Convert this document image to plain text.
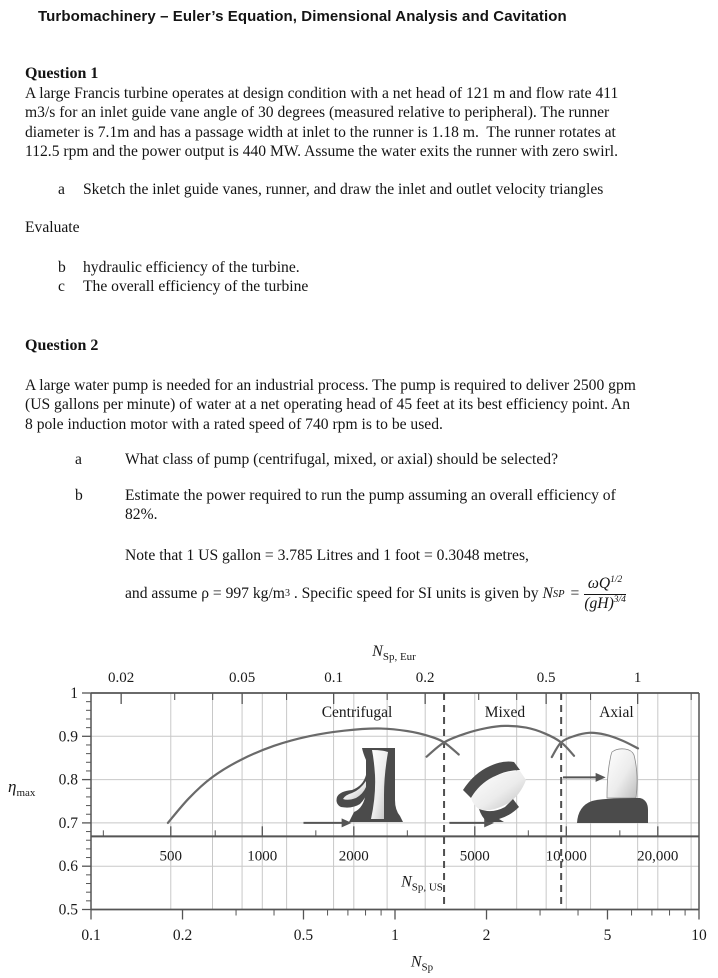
Turbomachinery – Euler’s Equation, Dimensional Analysis and Cavitation
Question 1
A large Francis turbine operates at design condition with a net head of 121 m and flow rate 411
m3/s for an inlet guide vane angle of 30 degrees (measured relative to peripheral). The runner
diameter is 7.1m and has a passage width at inlet to the runner is 1.18 m.  The runner rotates at
112.5 rpm and the power output is 440 MW. Assume the water exits the runner with zero swirl.
a Sketch the inlet guide vanes, runner, and draw the inlet and outlet velocity triangles
Evaluate
b hydraulic efficiency of the turbine.
c The overall efficiency of the turbine
Question 2
A large water pump is needed for an industrial process. The pump is required to deliver 2500 gpm
(US gallons per minute) of water at a net operating head of 45 feet at its best efficiency point. An
8 pole induction motor with a rated speed of 740 rpm is to be used.
a	What class of pump (centrifugal, mixed, or axial) should be selected?
b	Estimate the power required to run the pump assuming an overall efficiency of
82%.
Note that 1 US gallon = 3.785 Litres and 1 foot = 0.3048 metres,
and assume ρ = 997 kg/m 3 . Specific speed for SI units is given by N SP = $\frac{\omega Q^{1/2}}{(gH)^{3/4}}$
0.02	0.05	0.1	0.2	0.5	1
$N_{Sp, Eur}$
1
0.9
0.8
0.7
0.6
0.5
$\eta_{max}$
500	1000	2000	5000	10,000	20,000
$N_{Sp, US}$
0.1	0.2	0.5	1	2	5	10
$N_{Sp}$
Centrifugal	Mixed	Axial
